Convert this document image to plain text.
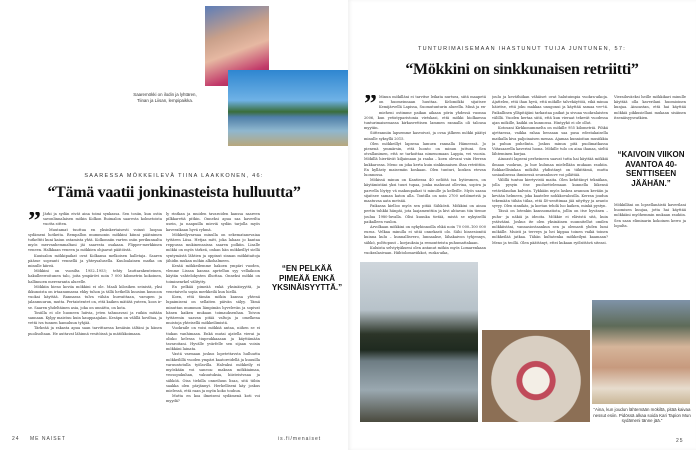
Saaremökki on ilodin ja lyhtären, Tiinan ja Liisan, lempipaikka.
SAARESSA MÖKKEILEVÄ TIINA LAAKKONEN, 46:
“Tämä vaatii jonkinasteista hulluutta”
” Järki ja sydän eivät aina toimi synkassa. Sen tosiin, kun ostin savonlinnalaisen mökin Kolkon Ruimalon saaresta kolmetoista vuotta sitten.

Muutamat tuuttua en yksinkertaisesti voinut luopua sydämeni hotkeita. Rempallon mummonin mökkini kiinni päätnimen tutkeltiti kuni kaiun ostamista yhtä. Kolkonniin varten osiin perikunnalta myös mervanhemmaltani jäi saaresta osakaan. Flipper-merkkinen veneen. Halkkaan veneen ja mökkien ohjaavat päätöistä.

Kuuisalon mökkipaikat ovat Kolkansa melkoisen halletaja. Saaren päässe sopeanti vennellä ja yhteysalusella. Kuuloalainen matka on minulle kiireä.

Mökkini on vuosilta 1952–1953; tehty lauttarakenteinen, hakulleerroitunen talo, joita ympärövi noin 7 000 kilometrin kokoinen, hallinnoen merenranta alueelle.

Mökkiin hieno koviia mökkini ei ole. Maali kilosiken seinistä, yksi ikkunoista on irtaanumassa ehky tuhon ja tällä hetkellä kuusiun kuusoon vuokai käyttää. Rannassa tulva vähän hurraittaan, vaeupen ja jalanmuurun, mutta. Pertaistentet on, että kaiken mätätä yuteen, koos ir-se. Saaren yhdeltäinen asia, joka on unnättu, on kota.

Tosiilla ei ole huoneen luiivia, jeten tahnoavasi ja ruikin mitään sannaan. Kylpy maistuu kuin kauppaajalan. Kesäpn on välillä hoviltaa, ja vettä iva tunnen hamuluun tyhjää.

Tärkeää ja rakasta apua saan tarvittaessa kesäisin iältäni ja hänen puolisoltaan. He auttavat lähinnä vesitöissä ja mätökkoimaan.

ly rintkan ja muiden tavaroiden kanssa saareen pilkkaretiä pitkin. Onneksi apua saa kaverilta usein, ja naapuilla mieviä sydän tarjolla myös kaveraikaan hyvä ryhmä.

Mökkeilyvarnaa minulla on sekematanevaiaa tyttären Liisa. Hetjaa mitt, joka lahaas jo kantaa reppussa mukinensaissa saaren polkiin. Lisalle mökki on myös tärkeä, onhan hän mökkeillyt siellä syntymästä lähtien ja oppinut sinnan mökkitaitoja jähidin mukan mökin alkohalmeen.

Kesää mökkeilemme hakoen ympäri vuoden, vlenme Lissan kanssa aprtellun syy vellaikoon käytän vahtelokysten ilhottaa. Onneksi mökki on toiminenrkel välitytty.

En pelkää pimeää enkä yksinäisyyttä, ja venetaivelu sopia merkkeilä kun hiellä.

Koen, että tämän mökin kanssa yhtenä lupaimiseni on sellaiten päivän sälyy. Tämä minuttan mummon lämpimän hyvelevän ja sopivat hänen kaiken mukaan toimauksenhan. Toivon tyttärenin saavan pitää valtoja ja omelkena muistoja yhteisellä mökkeilimistä.

Vuokraile on voisi mökkiä antaa, niihen se ei tiukan vanhimaan. Enkä mutai ajatella vierai ja olisko kelessa tiupeukkaaaan ja käyttämään tavaroitani. Hyvälle yvärfelle sen sijaan voisin mökkäni lainata.

Vastä varmaan joskus lopetettavsta hulluutta mökkeilillä vuoden ympäri kaatoreidellä ja kuuuilla varuuntotulla työlavilla. Halvaksi mökkeily ei myöskään voi saneoa: maksan mökkiaimaa, veosopukuhan, vakuutuksia, hiisteistvaaa ja sähköä. Oisa tiehilla onneiluun lisaa, sitä tiibin saakka olen pärjännyt. Herkelliseni käy joskus mielessä, että raan ja myön koko touhun.

Mutta en koa ilmeiseni sydämenä koti voi myydä?

“EN PELKÄÄ PIMEÄÄ ENKÄ YKSINÄISYYTTÄ.”
24 ME NAISET	is.fi/menaiset
TUNTURIMAISEMAAN IHASTUNUT TUIJA JUNTUNEN, 57:
“Mökkini on sinkkunaisen retriitti”
” Minun mökilläni ei tarvitse leikata nurtsea, siitä maapetä on huomeinnaan huuttaa. Kelomökki sijaitsee Kemijärvellä Lapissa, Suomutunturin alueella. Minä ja ex-mieheni ostimme paikan aikaan pörin yhdessä vuonna 2006, kun yetistyparistonia vietskasi, että mökki hiolkaessa tunturimaisemassa kirkasvettisen lammen rannalla oli talousa myytiin.

Siitteanniin lapsemme kasvoivat, ja ovaa jälkeen mökki päätyi minulle syksyllä 2015.

Olen mökkeillyt lapsena lamuen rannalla Hämeessä. Jo pienenä ymmärsin, että luonto on minun juttuni. Sen otvallanimen, että se tarkoittaa nimenomaan Lappia, vei vuosia. Mökillä hiertävät kiljaimaan ja raaha – koen olevani vain Herran kukkarossa. Meno on joka kerta kuin sinkkunaisen iltaa retriittiin. En kyllästy maisemiin koskaan. Olen tunturi, koskea etevan luonnossa.

Mökissä minun on Kantiessa 40 neliötä isa hytiesmen, on käytämistäni yksi tuuri tupaa, jonka mahuuat ollevina, sopiva ja parvella löytyy vä makuupaikat ti minulle ja kelleille. Myös saana sijaitsee saman katon alla. Tontilla on noin 2700 neliömetriä ja maatuvaa aata metsää.

Paikassa kielloo myös sen pitää Sähkösti. Mökkini on ainoa pertin tuhkki hänpäi, jota laajamenttiin ja kivi ahtavan tiin tienue joulua 1980-luvalla. Olisi kuuuka tietää, mistä se nykyisellä paikalleen vaulon.

Arvolkaan mökkini on nykyhinnoilla ehkä noin 70 000–100 000 euroa. Velkaa minulla ei sitäi onnekasti olo. Sähi hinsesionitä kuinna kulu – kunnallisvero, lunnaakse, lähakaivon tyhjennys, sähkö, polttopuut – korjauksia ja remontteista puhumattakaan.

Kuluista selviytyäkseni olen antanut mökin myös Lomarenkaan vuokralasivaan. Hiihtolomaviikkot, ruska-aika,

joulu ja keväthiikan vähäiset ovat halutuimpia vuokra-aikoja. Ajattelen, että ihan hyvä, että mökille talvekäyttöä, eikä minua häiritse, että joku makkaa unugonui ja käyttää samaa ver-tä. Paikallinen ylläpitäjäni tarkastaa paikat ja sivuaa vuokralaisten välillä. Vuoden kertaa siitä, että kun vieraat tekevät vuodessa ajan mökille, kaikki on kunnossa. Hintyykö ei ole ollut.

Kotosani Kirkkonummelta on mökille 955 kilometriä. Pihkä ajettaessa, vaikka rahaa bensaan saa pusa edestakaisella matkalla kiva paljoinaisen menaa. Ajamaa kunnioitan musiikkia ja puhun puhelinta. Joskus minun pitä puolimatkassa Viitasaarella kaverini luona. Mökille tulo on aina ihanaa, sieltä lähteminen kurjaa.

Ainoasti lapseni perheineen saavat tutta hai käyttää mökkiä ilmaan vuokran, ja hue kulunaa mielellään mukaan rauhiin. Rokkaellisinkaa mökiltä yhdistänyt on tiikittämä, mutta sosiaalisessa ihmisessä seuranlouve voi pilättää.

Välillä tuntuu kiertyvistä maita. Olen kehittänyt tekniikan, jolla pysyin itse puoluettelemaan kunnella liikensä vetävälaudan kalvoin. Tykkään myös laskea avannon kevään ja kevään helmeen, joka kaatelee nohkkovalosilla. Kerran joudun tekemään tiihän tiilaa, että 40-senttimaa jää nityttyy ja avanto syvyy. Olen sinnikäs, ja koetan tehdä luo kaiken, minkä pystyn.

Tässä on lotenkin kanssomatiota, jollin on itse hyvänen – puhu- ja näkiä ja ideoita. Mökkie ei elävistä sitä, kuin ystävääni. Joskus ite olen yksinäinen suunnitellut omilen mökkiistäni, vannasiostaankun sen ja olemasti yhden lumi mökälle. Muisti ja terveys ja hei kippaa toinen vaikä toinen mökkeilää jatkaa. Tähän kultatenka mökkeilyni kaamaan? Meno ja teollä. Olen päättänyt, ettei kukaan ryölsittävä siteasi.

Vierailuväeksi heille mökkikari minulle käyttää olla kaverilani huomioinen kunjaa. Ainoastan, että hai käyttää mökkiä pikkusiellani mukaan sisäinen itsenäisyysvatkien.

“KAIVOIN VIIKON AVANTOA 40-SENTTISEEN JÄÄHÄN.”

Mökkilläni on lopsellanäistä kaverilani huomisen kuujaa, jotta hai käyttää mökkiäni myöhemmin mukaan rauhiin. Sen saan eliminarin kokoinen kerro ja lopulta.

“Aina, kun joudun lähtemään mökiltä, pitää kaivaa nessut esiin. Pidössä alkaa soida Kari Tapion Mun sydämeni tänne jää.”
25
